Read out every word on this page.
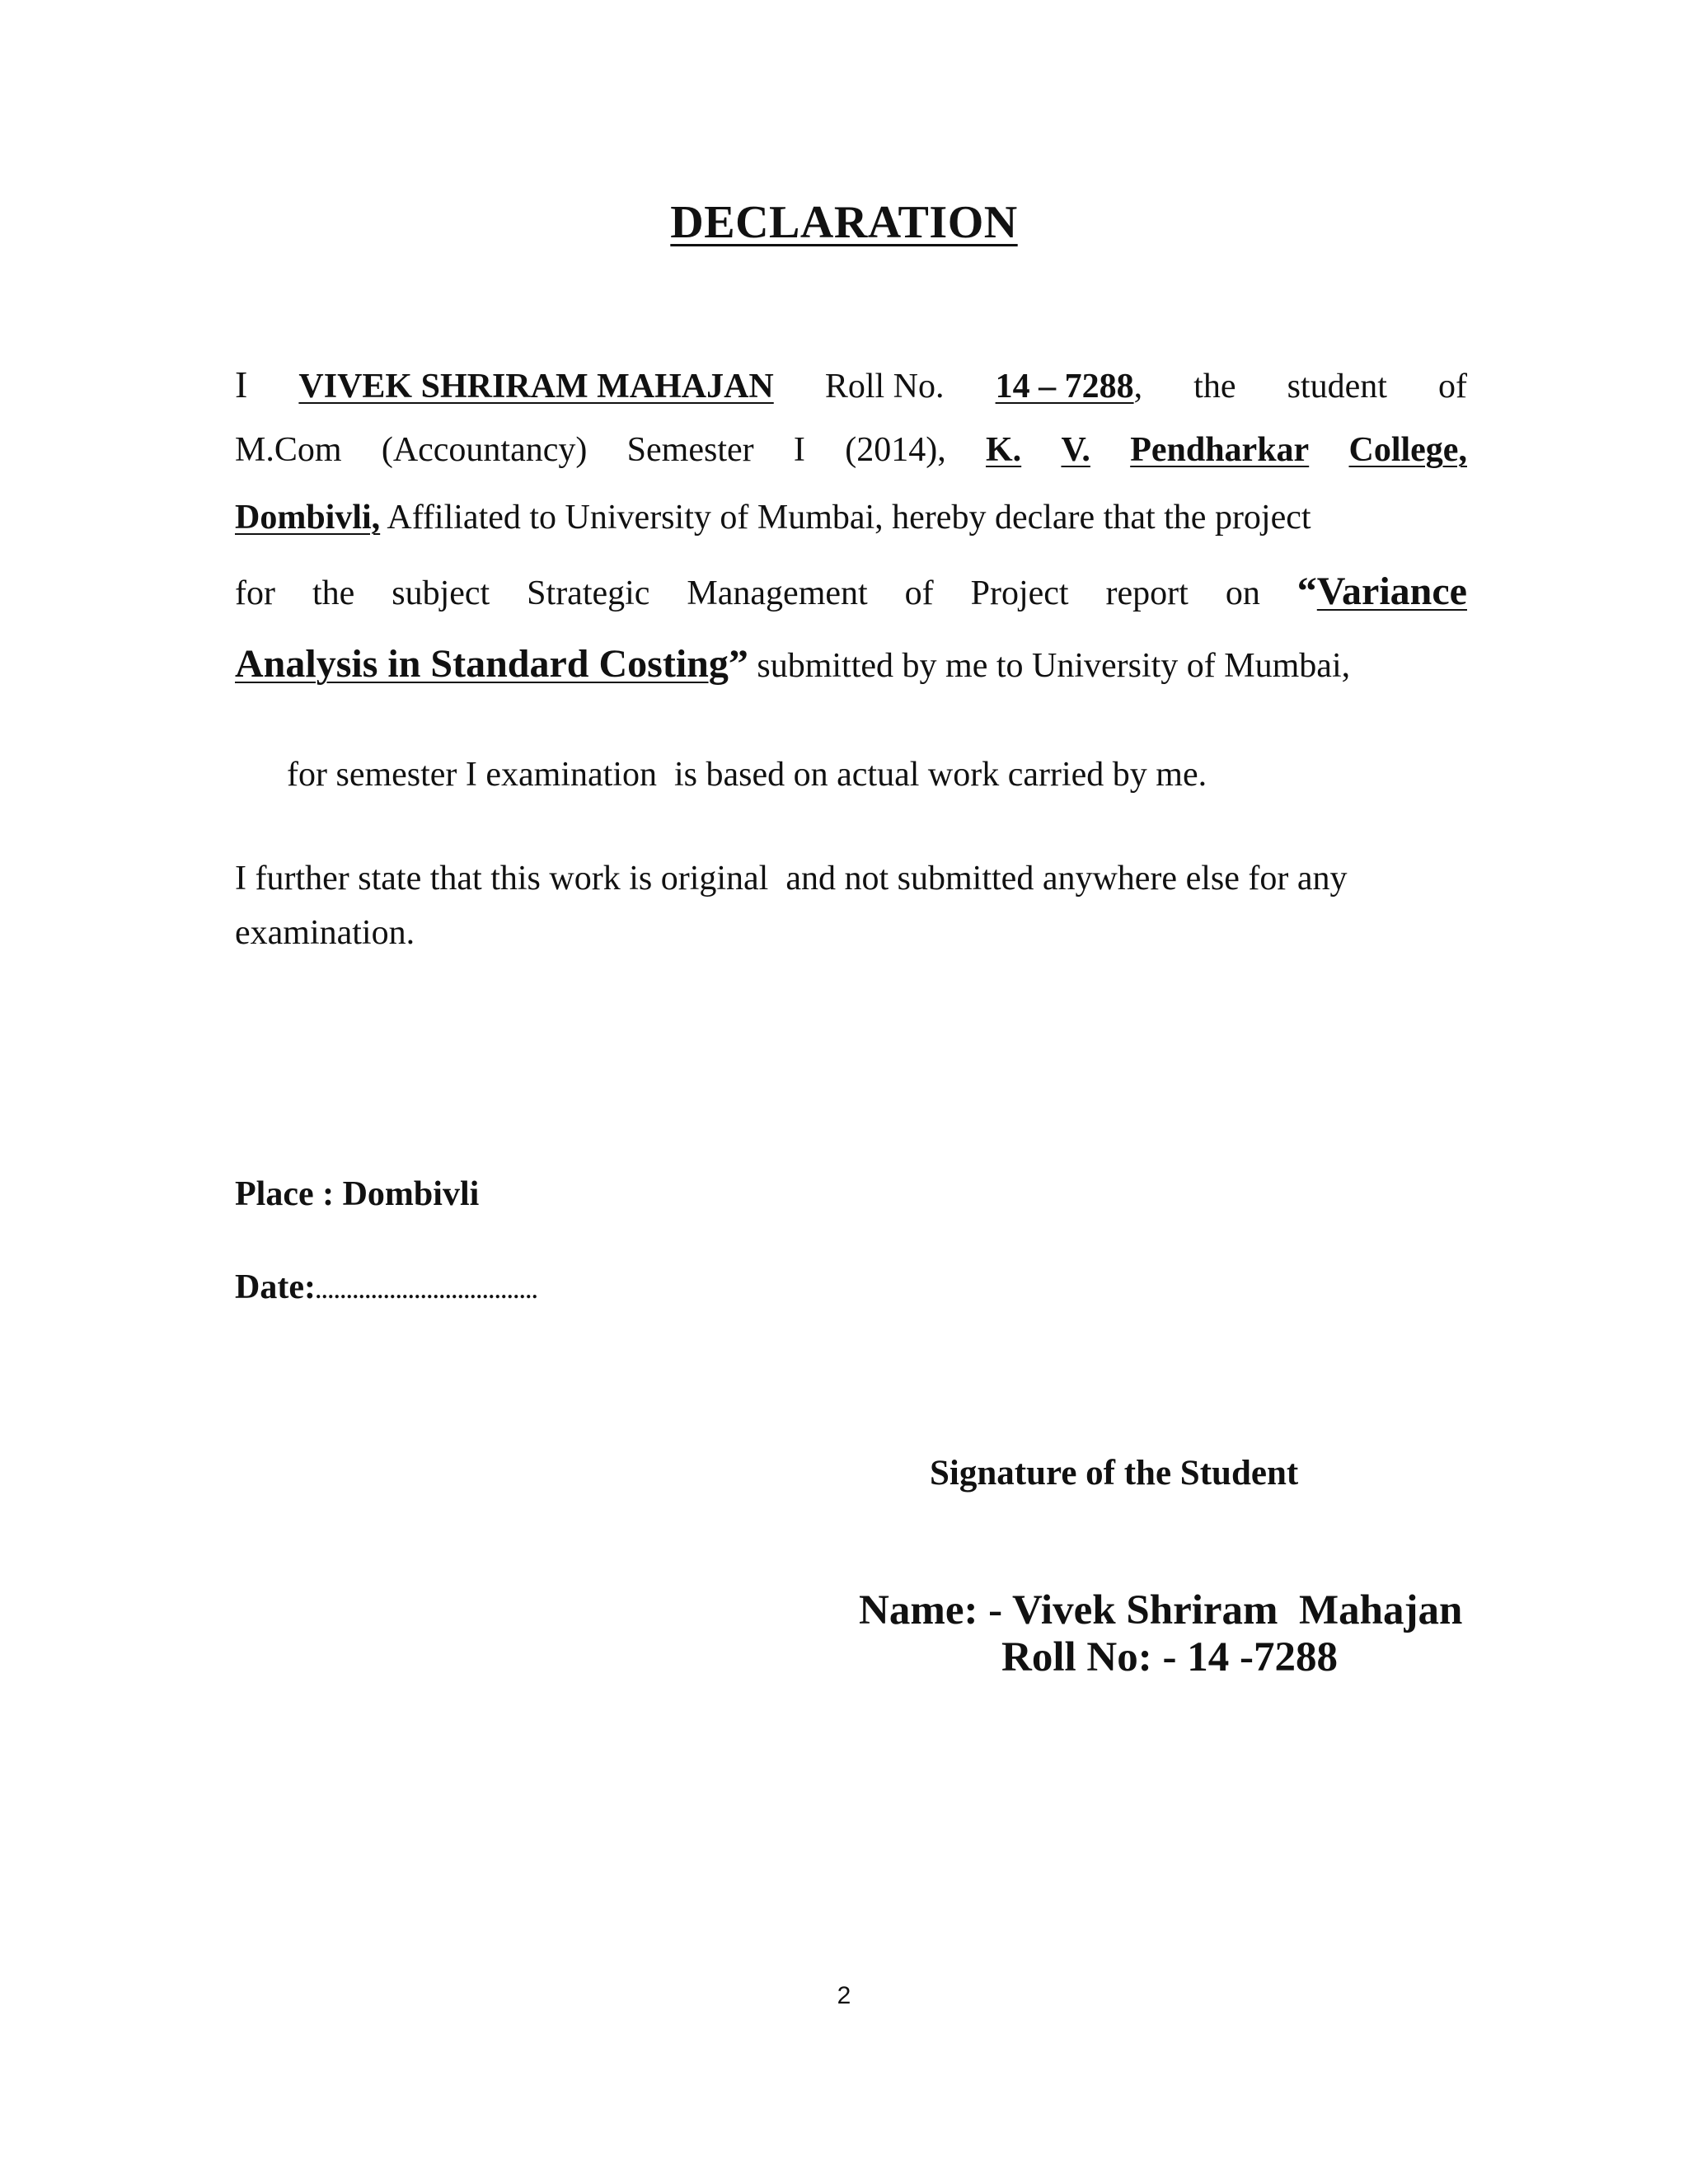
DECLARATION
I VIVEK SHRIRAM MAHAJAN Roll No. 14 – 7288, the student of
M.Com (Accountancy) Semester I (2014), K. V. Pendharkar College,
Dombivli, Affiliated to University of Mumbai, hereby declare that the project
for the subject Strategic Management of Project report on “Variance
Analysis in Standard Costing” submitted by me to University of Mumbai,

for semester I examination  is based on actual work carried by me.

I further state that this work is original  and not submitted anywhere else for any
examination.
Place : Dombivli
Date:....................................
Signature of the Student
Name: - Vivek Shriram  Mahajan
Roll No: - 14 -7288
2
